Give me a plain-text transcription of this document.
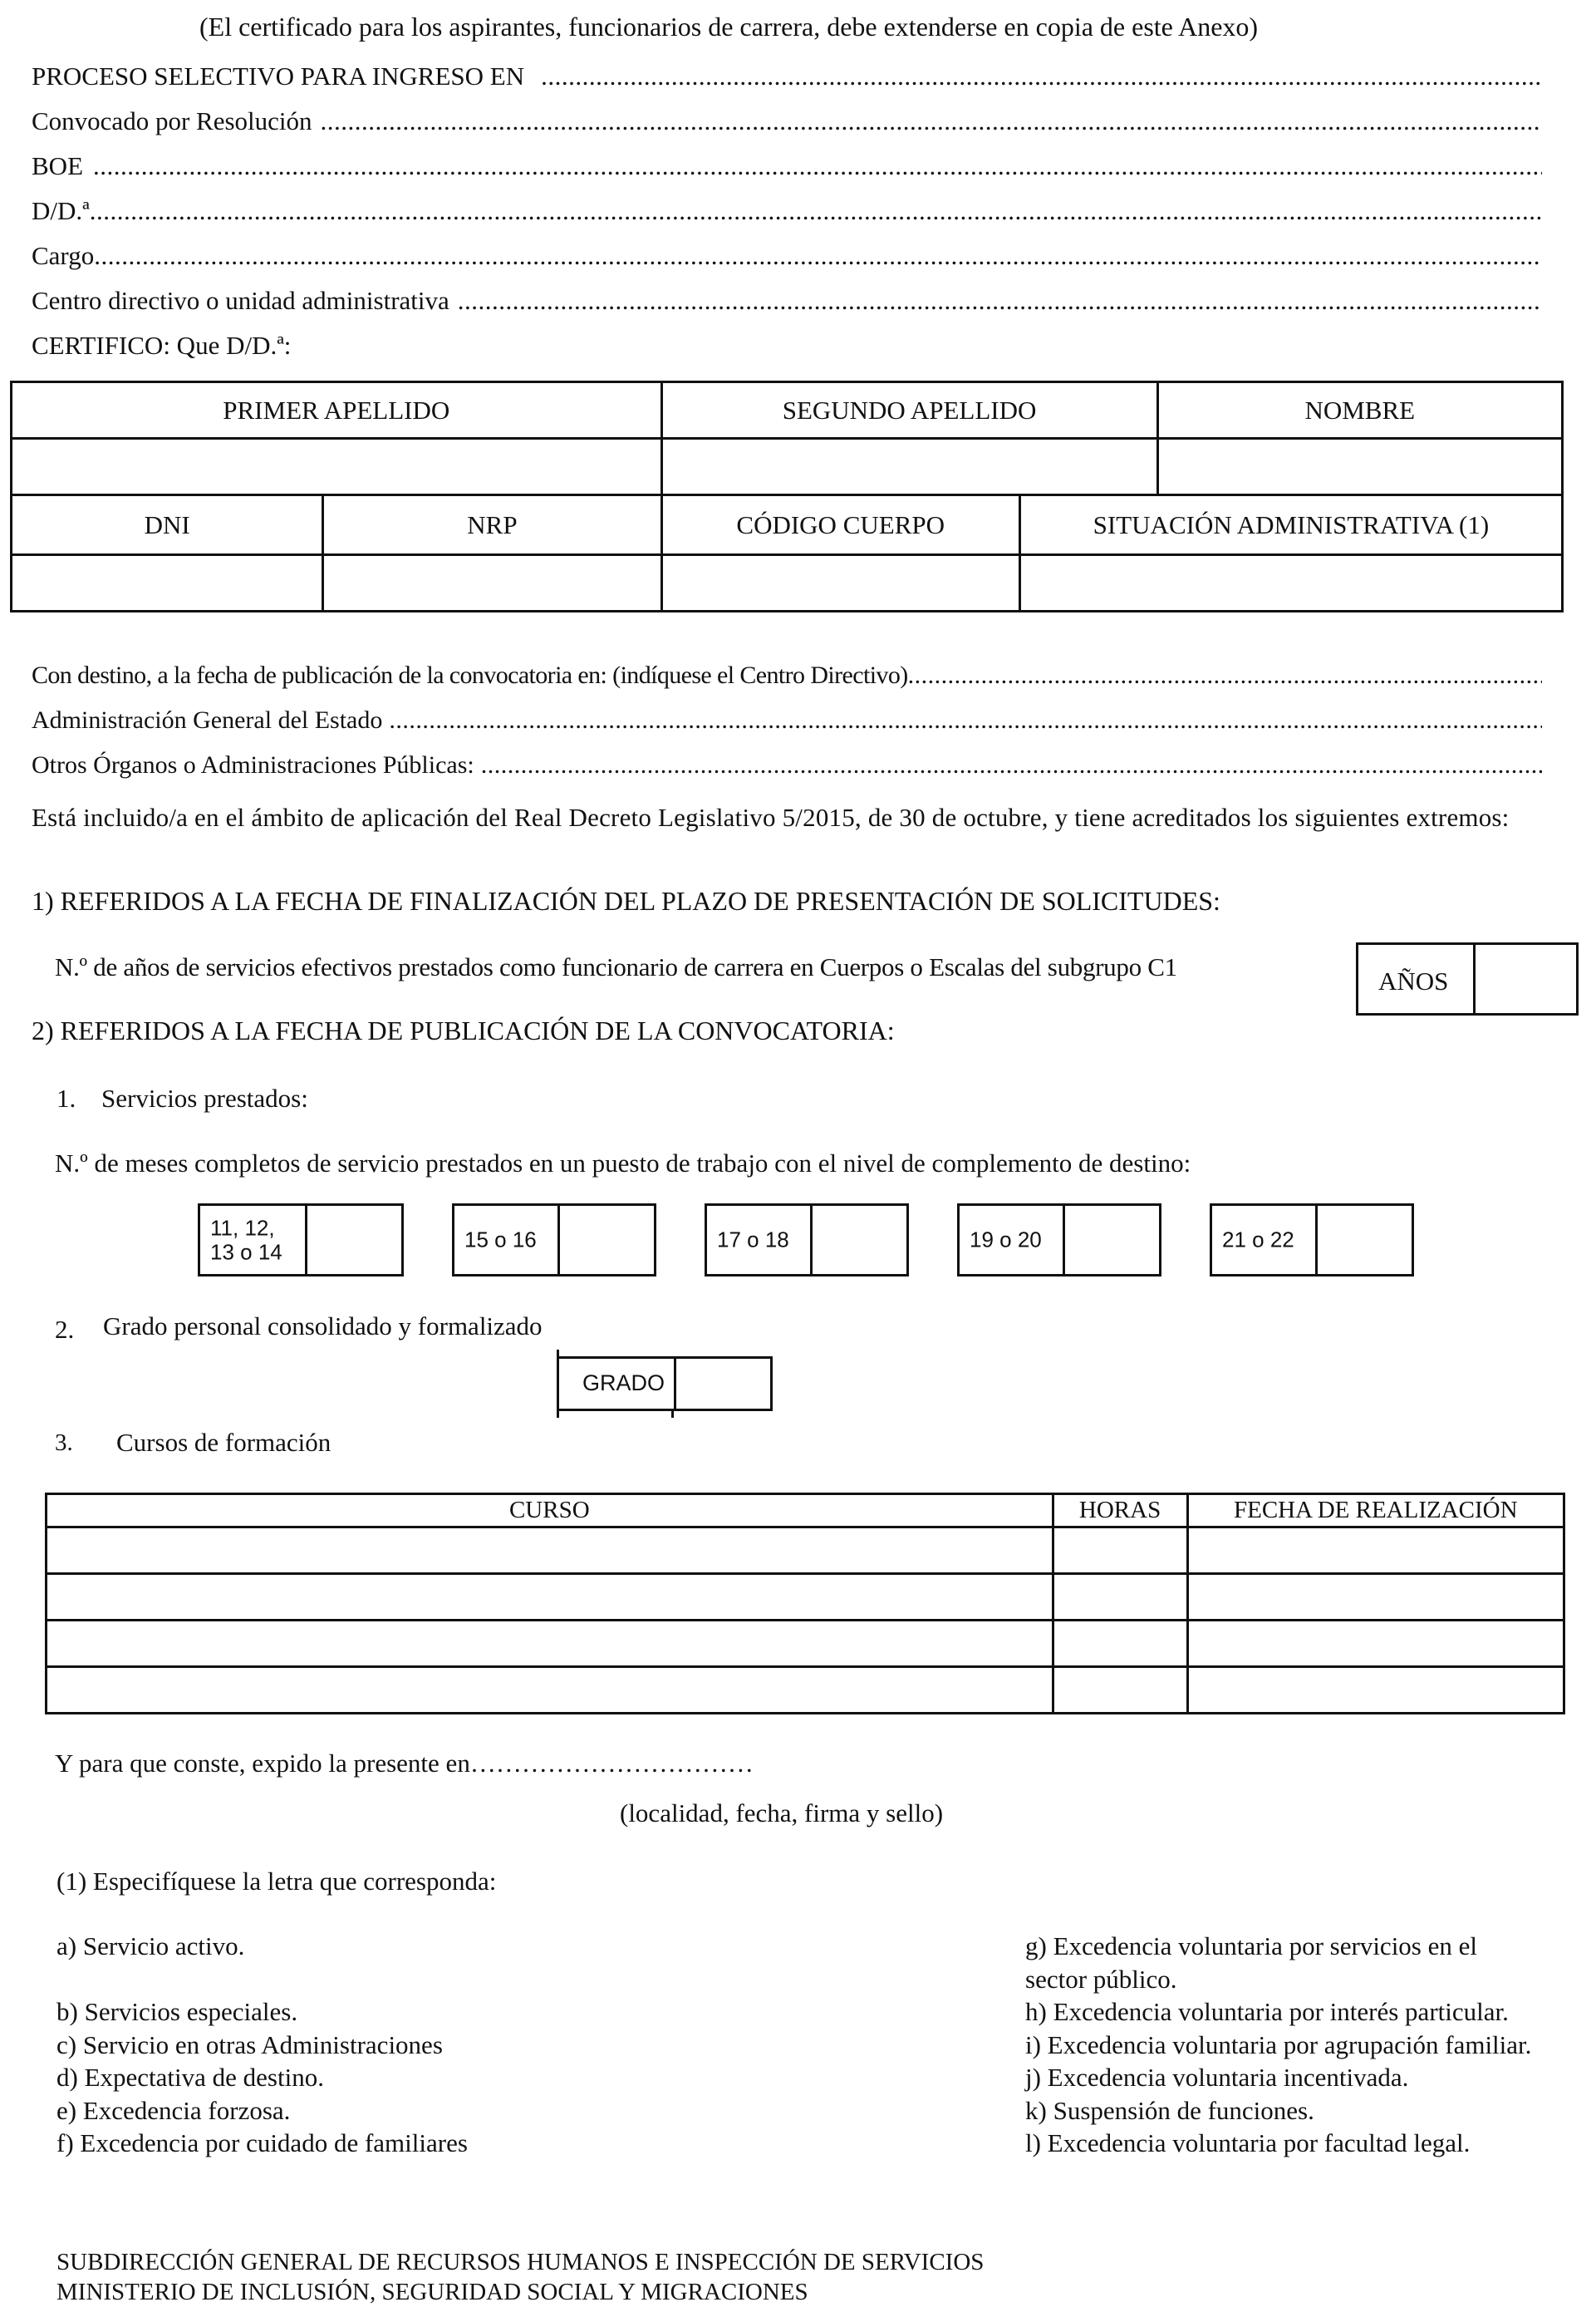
(El certificado para los aspirantes, funcionarios de carrera, debe extenderse en copia de este Anexo)
PROCESO SELECTIVO PARA INGRESO EN
.....
Convocado por Resolución
.....
BOE
.....
D/D.ª
.....
Cargo
.....
Centro directivo o unidad administrativa
.....
CERTIFICO: Que D/D.ª:
PRIMER APELLIDO		SEGUNDO APELLIDO		NOMBRE

DNI	NRP	CÓDIGO CUERPO	SITUACIÓN ADMINISTRATIVA (1)	

Con destino, a la fecha de publicación de la convocatoria en: (indíquese el Centro Directivo)
.....
Administración General del Estado
.....
Otros Órganos o Administraciones Públicas:
.....
Está incluido/a en el ámbito de aplicación del Real Decreto Legislativo 5/2015, de 30 de octubre, y tiene acreditados los siguientes extremos:
1) REFERIDOS A LA FECHA DE FINALIZACIÓN DEL PLAZO DE PRESENTACIÓN DE SOLICITUDES:
N.º de años de servicios efectivos prestados como funcionario de carrera en Cuerpos o Escalas del subgrupo C1	AÑOS
2) REFERIDOS A LA FECHA DE PUBLICACIÓN DE LA CONVOCATORIA:
1. Servicios prestados:
N.º de meses completos de servicio prestados en un puesto de trabajo con el nivel de complemento de destino:
11, 12,
13 o 14	15 o 16	17 o 18	19 o 20	21 o 22
2. Grado personal consolidado y formalizado
GRADO
3. Cursos de formación
CURSO	HORAS	FECHA DE REALIZACIÓN

Y para que conste, expido la presente en……………………………
(localidad, fecha, firma y sello)
(1) Especifíquese la letra que corresponda:
a) Servicio activo.
b) Servicios especiales.
c) Servicio en otras Administraciones
d) Expectativa de destino.
e) Excedencia forzosa.
f) Excedencia por cuidado de familiares
g) Excedencia voluntaria por servicios en el
sector público.
h) Excedencia voluntaria por interés particular.
i) Excedencia voluntaria por agrupación familiar.
j) Excedencia voluntaria incentivada.
k) Suspensión de funciones.
l) Excedencia voluntaria por facultad legal.
SUBDIRECCIÓN GENERAL DE RECURSOS HUMANOS E INSPECCIÓN DE SERVICIOS
MINISTERIO DE INCLUSIÓN, SEGURIDAD SOCIAL Y MIGRACIONES
